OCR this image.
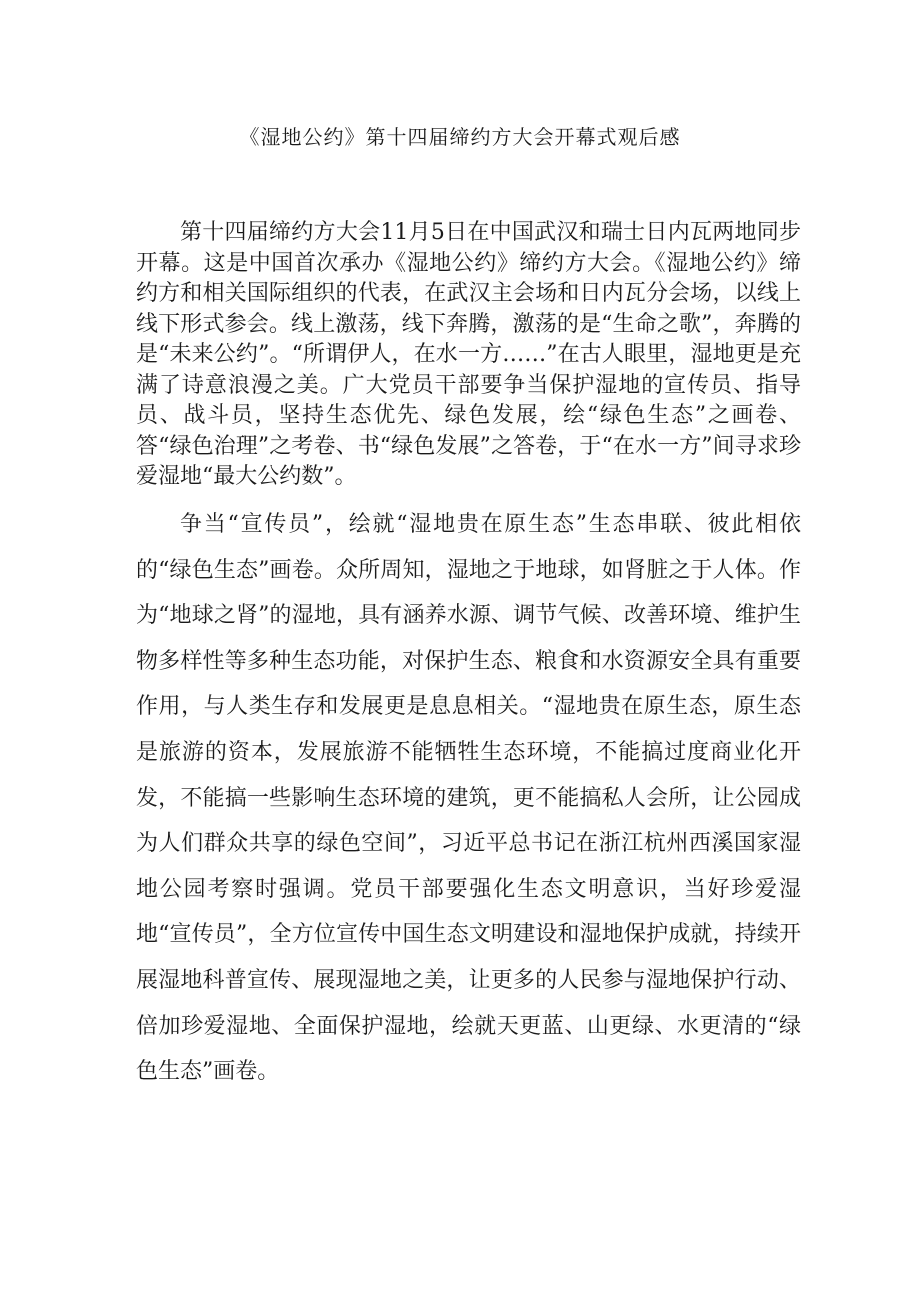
《湿地公约》第十四届缔约方大会开幕式观后感

第十四届缔约方大会11月5日在中国武汉和瑞士日内瓦两地同步开幕。这是中国首次承办《湿地公约》缔约方大会。《湿地公约》缔约方和相关国际组织的代表，在武汉主会场和日内瓦分会场，以线上线下形式参会。线上激荡，线下奔腾，激荡的是“生命之歌”，奔腾的是“未来公约”。“所谓伊人，在水一方……”在古人眼里，湿地更是充满了诗意浪漫之美。广大党员干部要争当保护湿地的宣传员、指导员、战斗员，坚持生态优先、绿色发展，绘“绿色生态”之画卷、答“绿色治理”之考卷、书“绿色发展”之答卷，于“在水一方”间寻求珍爱湿地“最大公约数”。

争当“宣传员”，绘就“湿地贵在原生态”生态串联、彼此相依的“绿色生态”画卷。众所周知，湿地之于地球，如肾脏之于人体。作为“地球之肾”的湿地，具有涵养水源、调节气候、改善环境、维护生物多样性等多种生态功能，对保护生态、粮食和水资源安全具有重要作用，与人类生存和发展更是息息相关。“湿地贵在原生态，原生态是旅游的资本，发展旅游不能牺牲生态环境，不能搞过度商业化开发，不能搞一些影响生态环境的建筑，更不能搞私人会所，让公园成为人们群众共享的绿色空间”，习近平总书记在浙江杭州西溪国家湿地公园考察时强调。党员干部要强化生态文明意识，当好珍爱湿地“宣传员”，全方位宣传中国生态文明建设和湿地保护成就，持续开展湿地科普宣传、展现湿地之美，让更多的人民参与湿地保护行动、倍加珍爱湿地、全面保护湿地，绘就天更蓝、山更绿、水更清的“绿色生态”画卷。
